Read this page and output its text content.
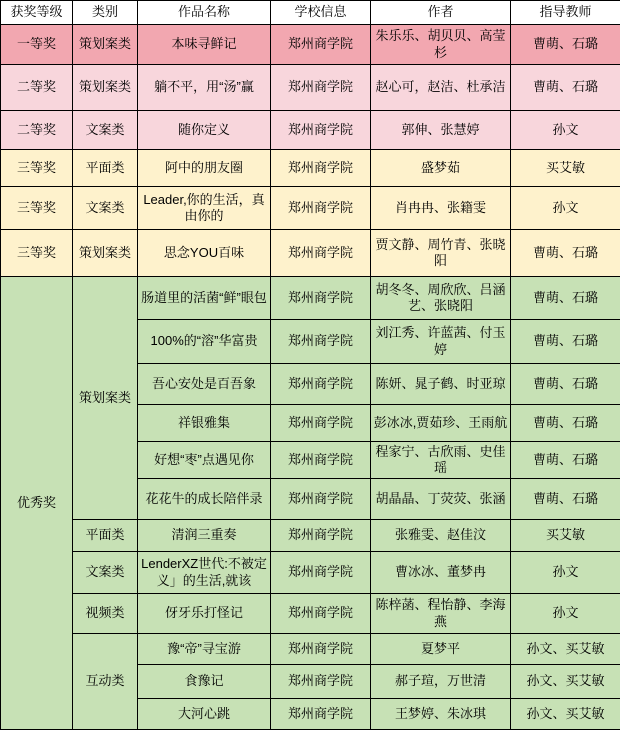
获奖等级	类别	作品名称	学校信息	作者	指导教师
一等奖	策划案类	本味寻鲜记	郑州商学院	朱乐乐、胡贝贝、高莹杉	曹萌、石璐
二等奖	策划案类	躺不平，用“汤”赢	郑州商学院	赵心可，赵洁、杜承洁	曹萌、石璐
二等奖	文案类	随你定义	郑州商学院	郭伸、张慧婷	孙文
三等奖	平面类	阿中的朋友圈	郑州商学院	盛梦茹	买艾敏
三等奖	文案类	Leader,你的生活，真由你的	郑州商学院	肖冉冉、张籍雯	孙文
三等奖	策划案类	思念YOU百味	郑州商学院	贾文静、周竹青、张晓阳	曹萌、石璐
优秀奖	策划案类	肠道里的活菌“鲜”眼包	郑州商学院	胡冬冬、周欣欣、吕涵艺、张晓阳	曹萌、石璐
		100%的“溶”华富贵	郑州商学院	刘江秀、许蓝茜、付玉婷	曹萌、石璐
		吾心安处是百吾象	郑州商学院	陈妍、晁子鹤、时亚琼	曹萌、石璐
		祥银雅集	郑州商学院	彭冰冰,贾茹珍、王雨航	曹萌、石璐
		好想“枣”点遇见你	郑州商学院	程家宁、古欣雨、史佳瑶	曹萌、石璐
		花花牛的成长陪伴录	郑州商学院	胡晶晶、丁荧荧、张涵	曹萌、石璐
	平面类	清润三重奏	郑州商学院	张雅雯、赵佳汶	买艾敏
	文案类	LenderXZ世代:不被定义」的生活,就该	郑州商学院	曹冰冰、董梦冉	孙文
	视频类	伢牙乐打怪记	郑州商学院	陈梓菡、程怡静、李海燕	孙文
	互动类	豫“帝”寻宝游	郑州商学院	夏梦平	孙文、买艾敏
		食豫记	郑州商学院	郝子瑄，万世清	孙文、买艾敏
		大河心跳	郑州商学院	王梦婷、朱冰琪	孙文、买艾敏
